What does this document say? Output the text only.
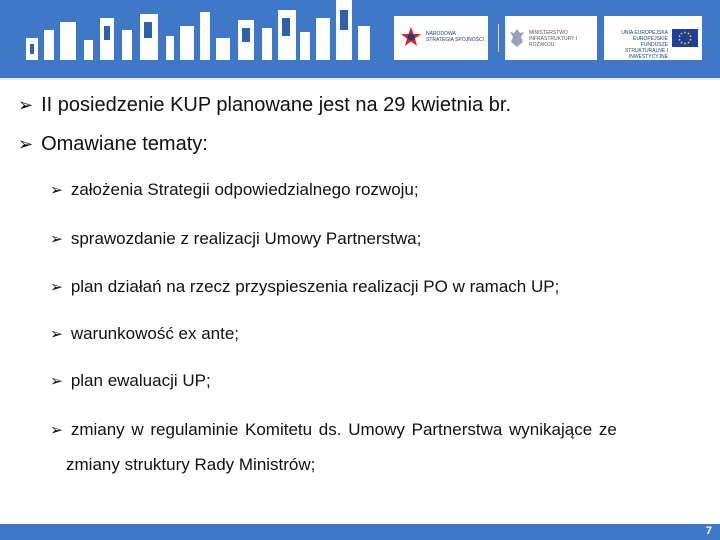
NARODOWA STRATEGIA SPÓJNOŚCI
MINISTERSTWO INFRASTRUKTURY I ROZWOJU
UNIA EUROPEJSKA EUROPEJSKIE FUNDUSZE STRUKTURALNE I INWESTYCYJNE
➢ II posiedzenie KUP planowane jest na 29 kwietnia br.
➢ Omawiane tematy:
➢ założenia Strategii odpowiedzialnego rozwoju;
➢ sprawozdanie z realizacji Umowy Partnerstwa;
➢ plan działań na rzecz przyspieszenia realizacji PO w ramach UP;
➢ warunkowość ex ante;
➢ plan ewaluacji UP;
➢ zmiany w regulaminie Komitetu ds. Umowy Partnerstwa wynikające ze
zmiany struktury Rady Ministrów;
7
